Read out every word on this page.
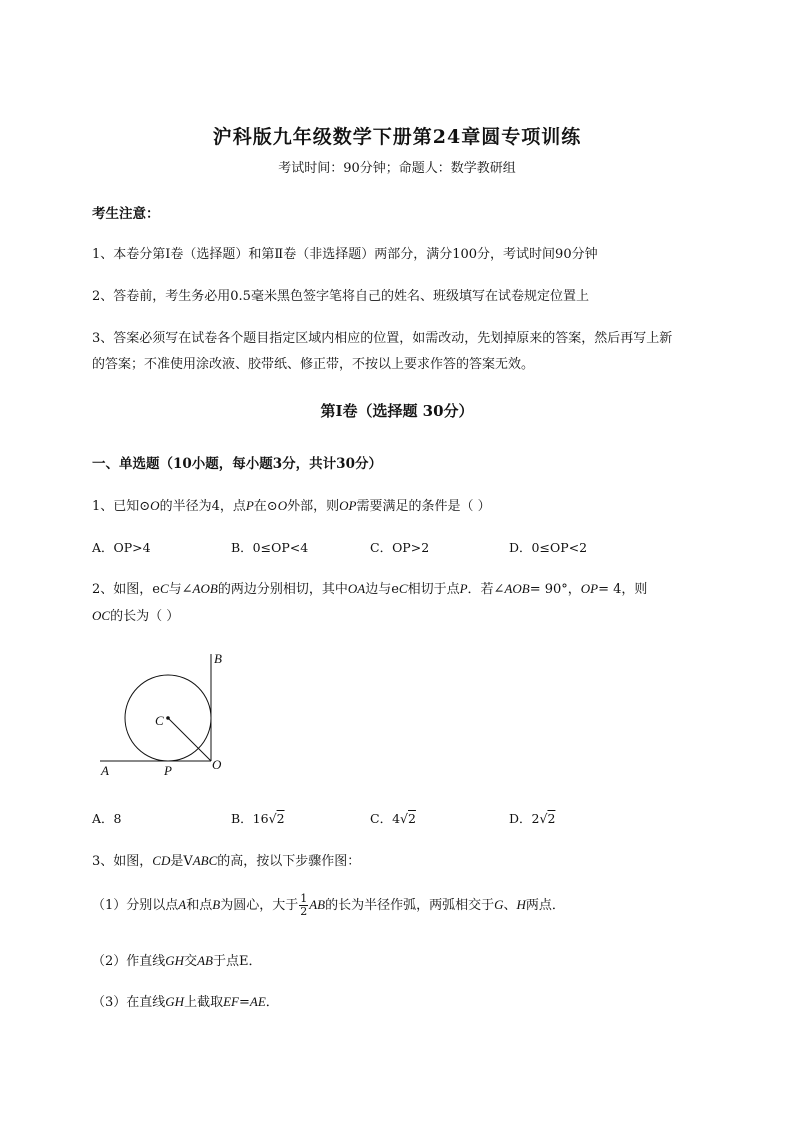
沪科版九年级数学下册第24章圆专项训练
考试时间：90分钟；命题人：数学教研组
考生注意：
1、本卷分第I卷（选择题）和第Ⅱ卷（非选择题）两部分，满分100分，考试时间90分钟
2、答卷前，考生务必用0.5毫米黑色签字笔将自己的姓名、班级填写在试卷规定位置上
3、答案必须写在试卷各个题目指定区域内相应的位置，如需改动，先划掉原来的答案，然后再写上新
的答案；不准使用涂改液、胶带纸、修正带，不按以上要求作答的答案无效。
第I卷（选择题 30分）
一、单选题（10小题，每小题3分，共计30分）
1、已知⊙O的半径为4，点P在⊙O外部，则OP需要满足的条件是（ ）
A．OP>4	B．0≤OP<4	C．OP>2	D．0≤OP<2
2、如图，eC与∠AOB的两边分别相切，其中OA边与eC相切于点P．若∠AOB= 90°，OP= 4，则
OC的长为（ ）
B
C
A	P	O
A．8	B．16√2	C．4√2	D．2√2
3、如图，CD是VABC的高，按以下步骤作图：
（1）分别以点A和点B为圆心，大于 $\frac{1}{2}$ AB的长为半径作弧，两弧相交于G、H两点．
（2）作直线GH交AB于点E．
（3）在直线GH上截取EF=AE．
